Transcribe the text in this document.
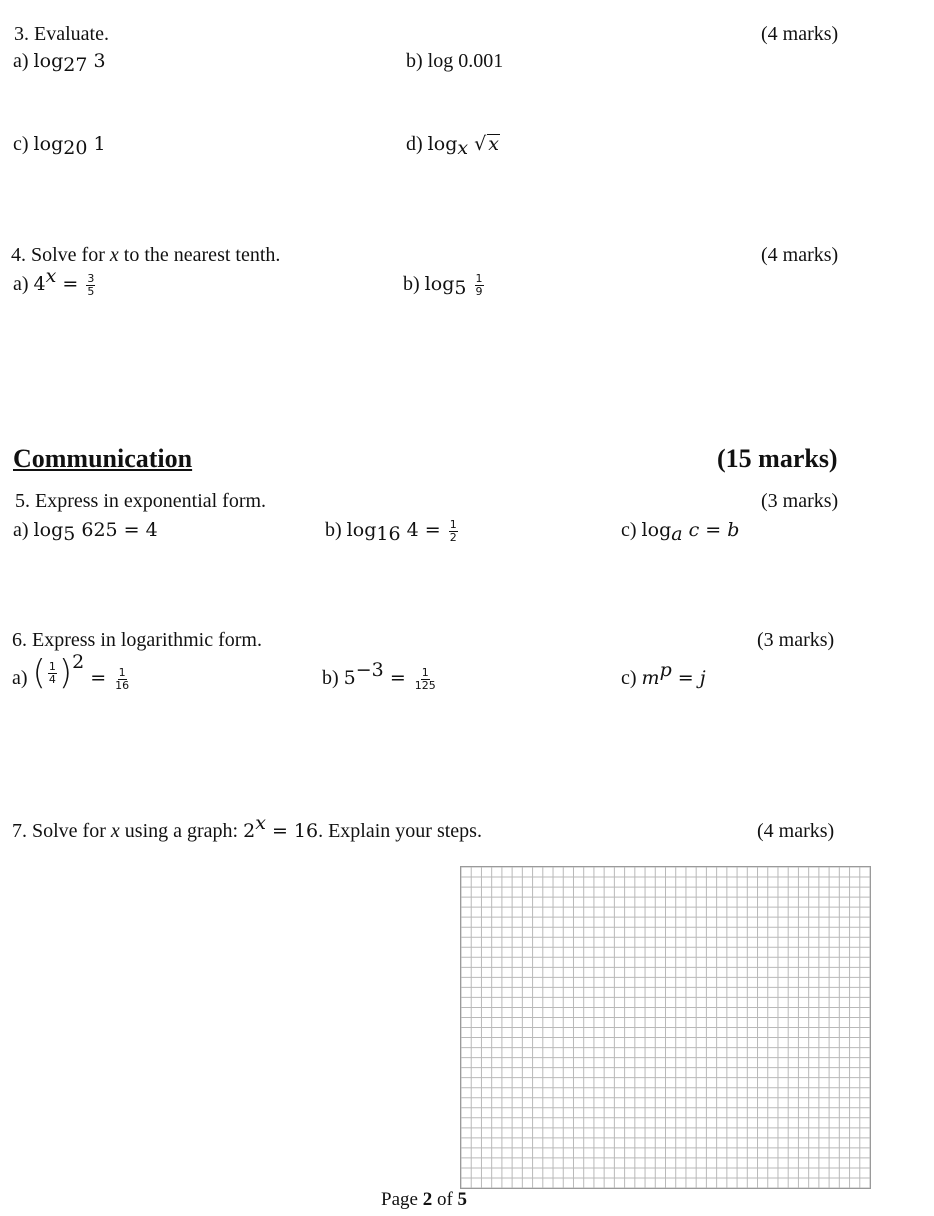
3. Evaluate.	(4 marks)
a) $\log_{27} 3$	b) log 0.001
c) $\log_{20} 1$	d) $\log_x$ √ x
4. Solve for x to the nearest tenth.	(4 marks)
a) $4^x = \frac{3}{5}$	b) $\log_5 \frac{1}{9}$
Communication	(15 marks)
5. Express in exponential form.	(3 marks)
a) $\log_5 625 = 4$	b) $\log_{16} 4 = \frac{1}{2}$	c) $\log_a c = b$
6. Express in logarithmic form.	(3 marks)
a) ( $\frac{1}{4}$ ) $^2 = \frac{1}{16}$	b) $5^{-3} = \frac{1}{125}$	c) $m^p = j$
7. Solve for x using a graph: $2^x = 16$. Explain your steps.	(4 marks)
Page 2 of 5
